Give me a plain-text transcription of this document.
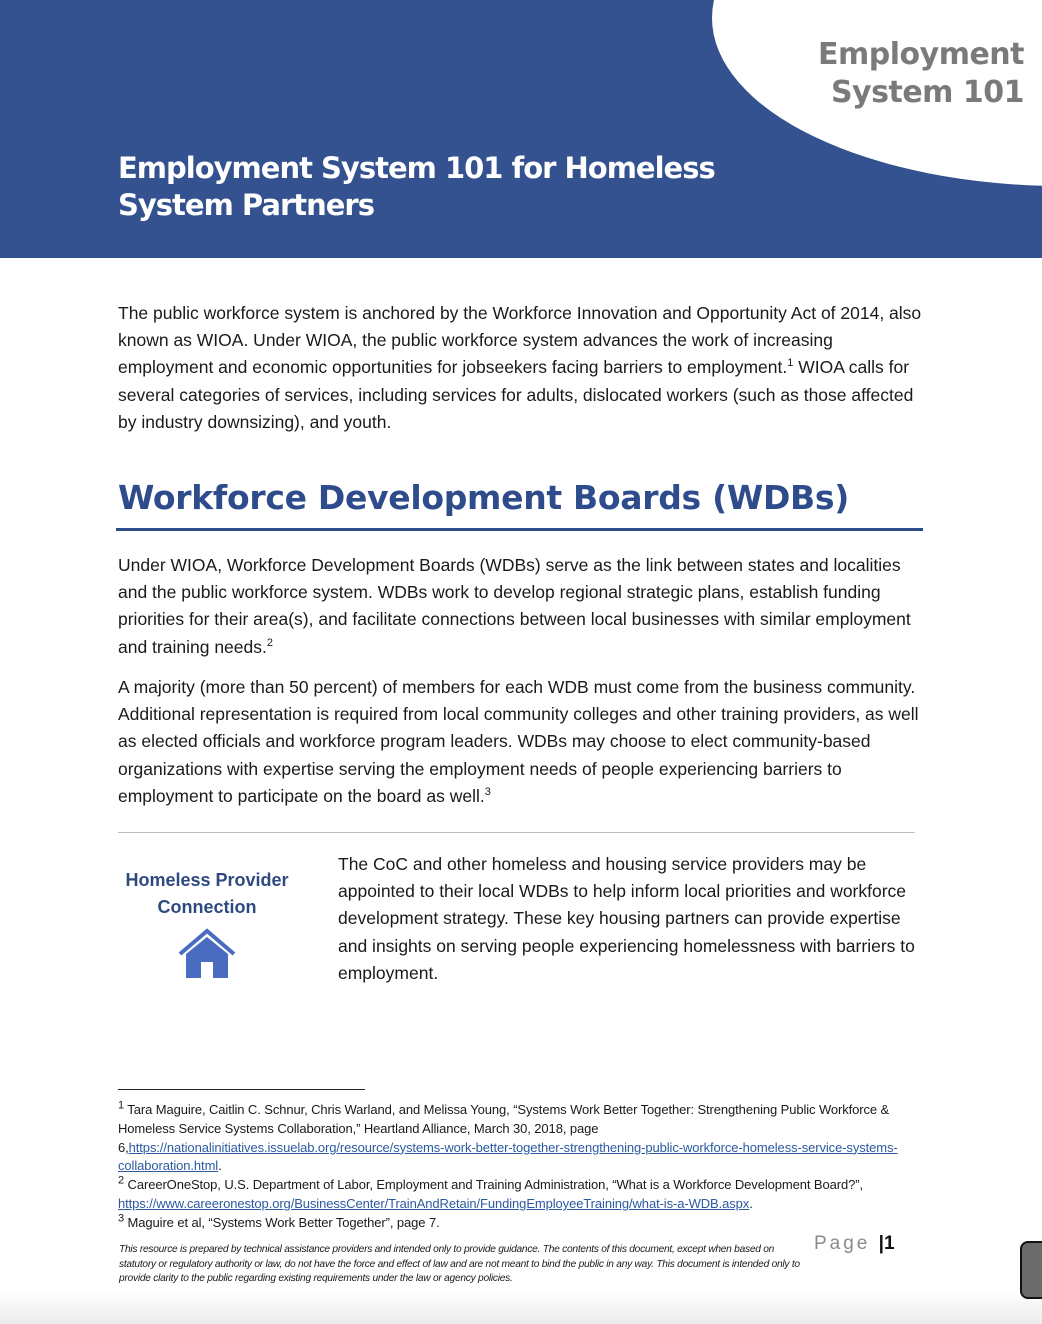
Employment
System 101
Employment System 101 for Homeless System Partners

The public workforce system is anchored by the Workforce Innovation and Opportunity Act of 2014, also known as WIOA. Under WIOA, the public workforce system advances the work of increasing employment and economic opportunities for jobseekers facing barriers to employment.$^1$ WIOA calls for several categories of services, including services for adults, dislocated workers (such as those affected by industry downsizing), and youth.

Workforce Development Boards (WDBs)

Under WIOA, Workforce Development Boards (WDBs) serve as the link between states and localities and the public workforce system. WDBs work to develop regional strategic plans, establish funding priorities for their area(s), and facilitate connections between local businesses with similar employment and training needs.$^2$

A majority (more than 50 percent) of members for each WDB must come from the business community. Additional representation is required from local community colleges and other training providers, as well as elected officials and workforce program leaders. WDBs may choose to elect community-based organizations with expertise serving the employment needs of people experiencing barriers to employment to participate on the board as well.$^3$

Homeless Provider Connection

The CoC and other homeless and housing service providers may be appointed to their local WDBs to help inform local priorities and workforce development strategy. These key housing partners can provide expertise and insights on serving people experiencing homelessness with barriers to employment.

$^1$ Tara Maguire, Caitlin C. Schnur, Chris Warland, and Melissa Young, “Systems Work Better Together: Strengthening Public Workforce & Homeless Service Systems Collaboration,” Heartland Alliance, March 30, 2018, page 6,https://nationalinitiatives.issuelab.org/resource/systems-work-better-together-strengthening-public-workforce-homeless-service-systems-collaboration.html.
$^2$ CareerOneStop, U.S. Department of Labor, Employment and Training Administration, “What is a Workforce Development Board?”, https://www.careeronestop.org/BusinessCenter/TrainAndRetain/FundingEmployeeTraining/what-is-a-WDB.aspx.
$^3$ Maguire et al, “Systems Work Better Together”, page 7.
This resource is prepared by technical assistance providers and intended only to provide guidance. The contents of this document, except when based on statutory or regulatory authority or law, do not have the force and effect of law and are not meant to bind the public in any way. This document is intended only to provide clarity to the public regarding existing requirements under the law or agency policies.
Page |1
